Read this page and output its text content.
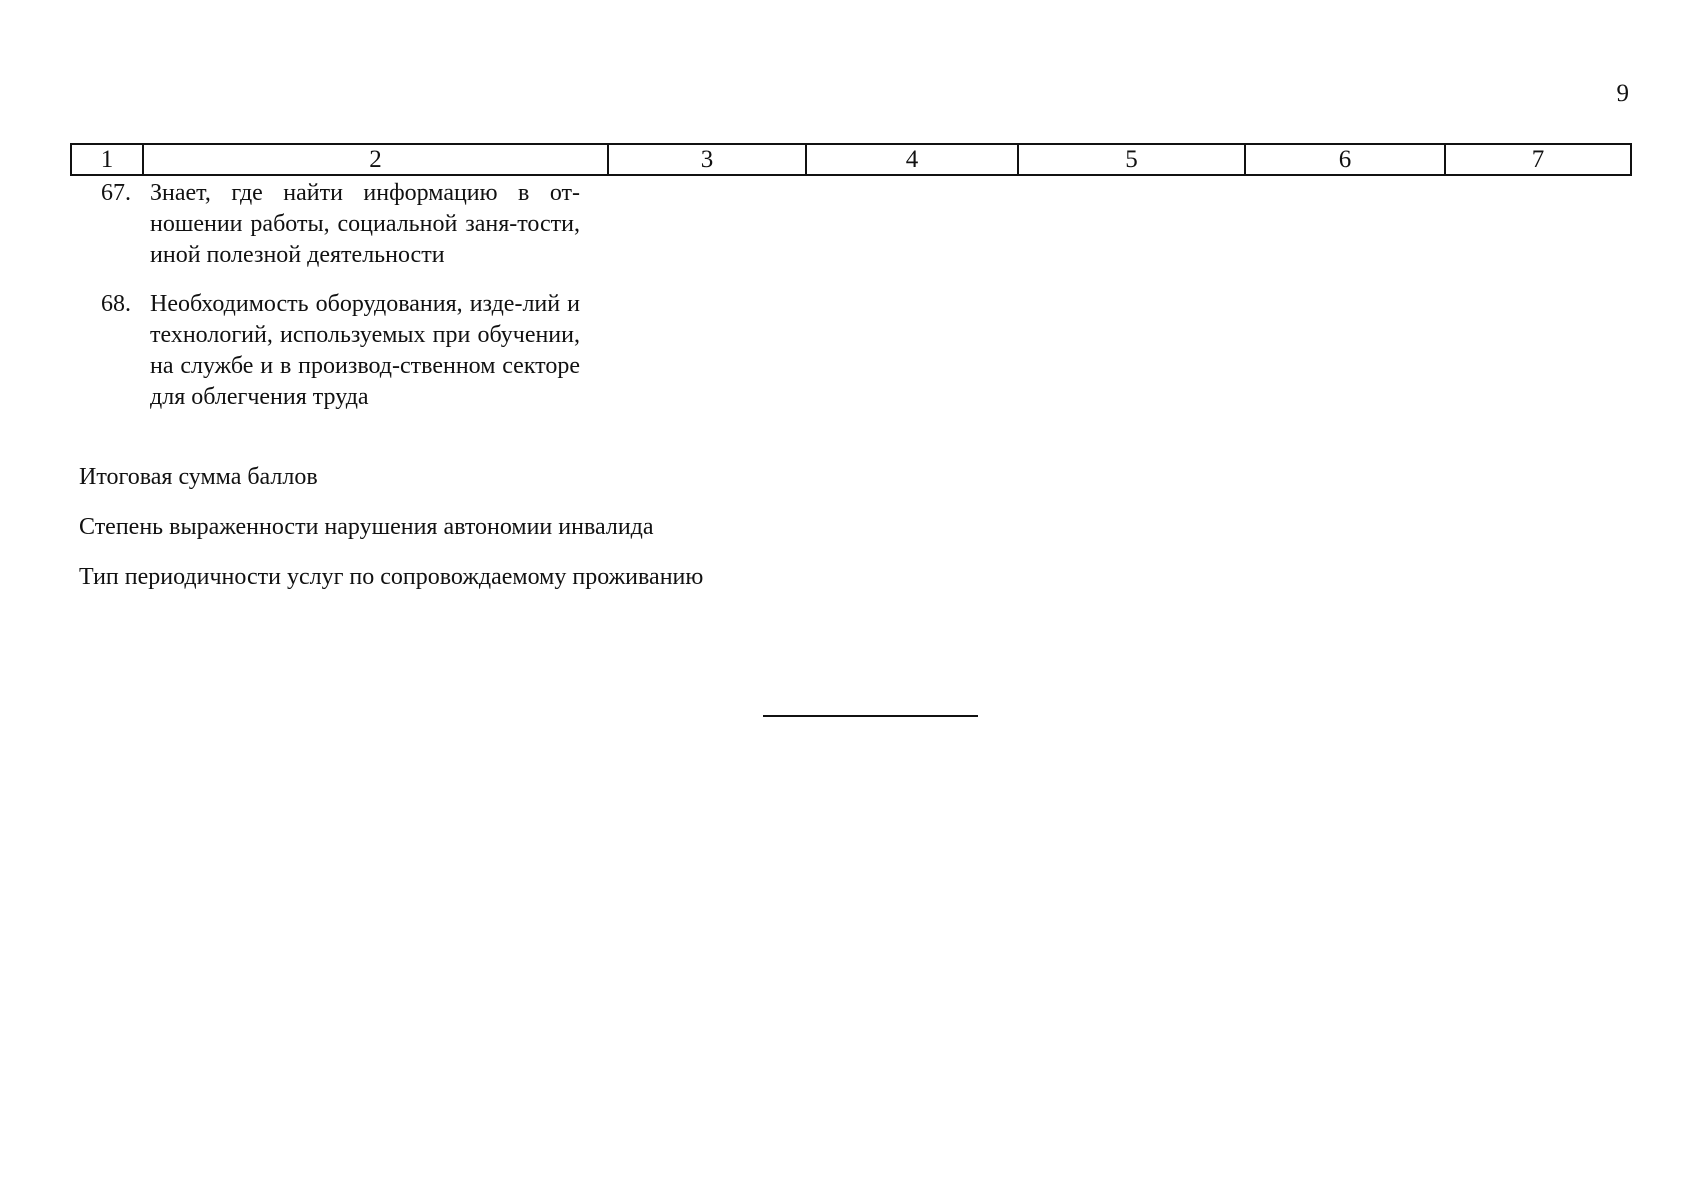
9
1	2	3	4	5	6	7
67. Знает, где найти информацию в от-ношении работы, социальной заня-тости, иной полезной деятельности
68. Необходимость оборудования, изде-лий и технологий, используемых при обучении, на службе и в производ-ственном секторе для облегчения труда
Итоговая сумма баллов
Степень выраженности нарушения автономии инвалида
Тип периодичности услуг по сопровождаемому проживанию
